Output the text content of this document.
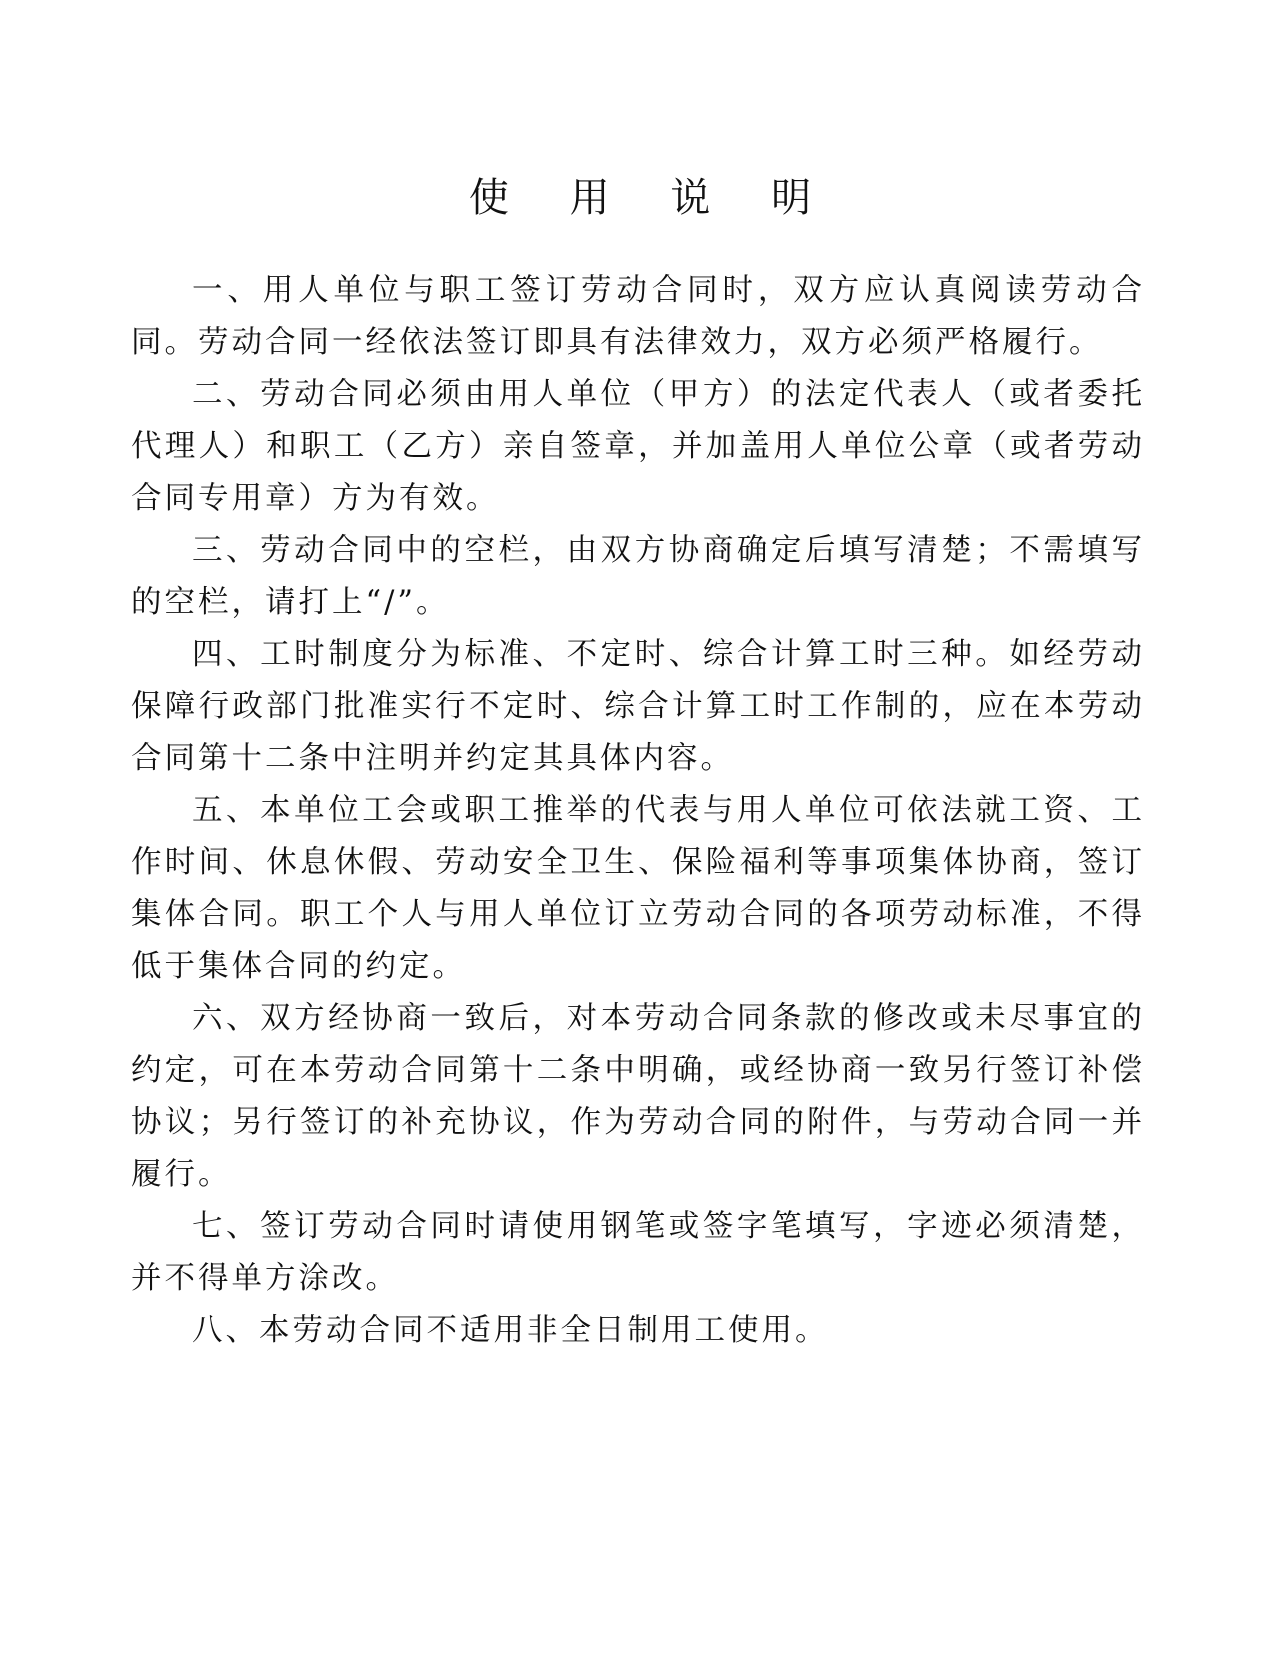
使 用 说 明

一、用人单位与职工签订劳动合同时，双方应认真阅读劳动合同。劳动合同一经依法签订即具有法律效力，双方必须严格履行。

二、劳动合同必须由用人单位（甲方）的法定代表人（或者委托代理人）和职工（乙方）亲自签章，并加盖用人单位公章（或者劳动合同专用章）方为有效。

三、劳动合同中的空栏，由双方协商确定后填写清楚；不需填写的空栏，请打上“/”。

四、工时制度分为标准、不定时、综合计算工时三种。如经劳动保障行政部门批准实行不定时、综合计算工时工作制的，应在本劳动合同第十二条中注明并约定其具体内容。

五、本单位工会或职工推举的代表与用人单位可依法就工资、工作时间、休息休假、劳动安全卫生、保险福利等事项集体协商，签订集体合同。职工个人与用人单位订立劳动合同的各项劳动标准，不得低于集体合同的约定。

六、双方经协商一致后，对本劳动合同条款的修改或未尽事宜的约定，可在本劳动合同第十二条中明确，或经协商一致另行签订补偿协议；另行签订的补充协议，作为劳动合同的附件，与劳动合同一并履行。

七、签订劳动合同时请使用钢笔或签字笔填写，字迹必须清楚，并不得单方涂改。

八、本劳动合同不适用非全日制用工使用。
